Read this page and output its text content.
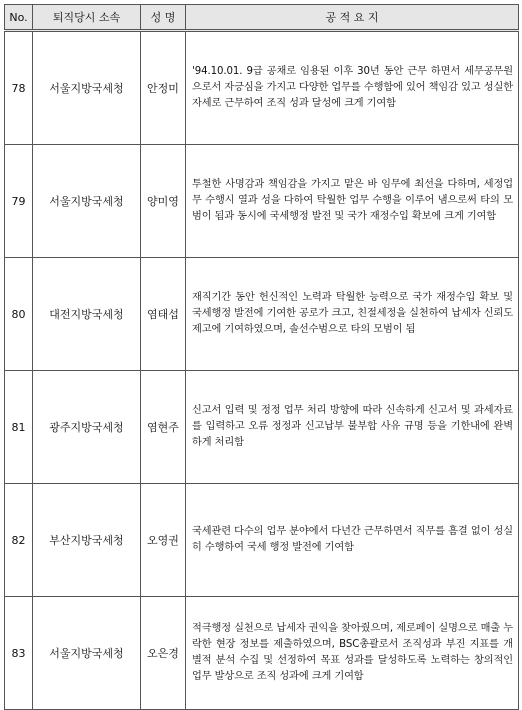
No.	퇴직당시 소속	성 명	공 적 요 지
78	서울지방국세청	안정미	'94.10.01. 9급 공채로 임용된 이후 30년 동안 근무 하면서 세무공무원으로서 자긍심을 가지고 다양한 업무를 수행함에 있어 책임감 있고 성실한 자세로 근무하여 조직 성과 달성에 크게 기여함
79	서울지방국세청	양미영	투철한 사명감과 책임감을 가지고 맡은 바 임무에 최선을 다하며, 세정업무 수행시 열과 성을 다하여 탁월한 업무 수행을 이루어 냄으로써 타의 모범이 됨과 동시에 국세행정 발전 및 국가 재정수입 확보에 크게 기여함
80	대전지방국세청	염태섭	재직기간 동안 헌신적인 노력과 탁월한 능력으로 국가 재정수입 확보 및 국세행정 발전에 기여한 공로가 크고, 친절세정을 실천하여 납세자 신뢰도 제고에 기여하였으며, 솔선수범으로 타의 모범이 됨
81	광주지방국세청	염현주	신고서 입력 및 정정 업무 처리 방향에 따라 신속하게 신고서 및 과세자료를 입력하고 오류 정정과 신고납부 불부합 사유 규명 등을 기한내에 완벽하게 처리함
82	부산지방국세청	오영권	국세관련 다수의 업무 분야에서 다년간 근무하면서 직무를 흠결 없이 성실히 수행하여 국세 행정 발전에 기여함
83	서울지방국세청	오은경	적극행정 실천으로 납세자 권익을 찾아줬으며, 제로페이 실명으로 매출 누락한 현장 정보를 제출하였으며, BSC총괄로서 조직성과 부진 지표를 개별적 분석 수집 및 선정하여 목표 성과를 달성하도록 노력하는 창의적인 업무 발상으로 조직 성과에 크게 기여함
